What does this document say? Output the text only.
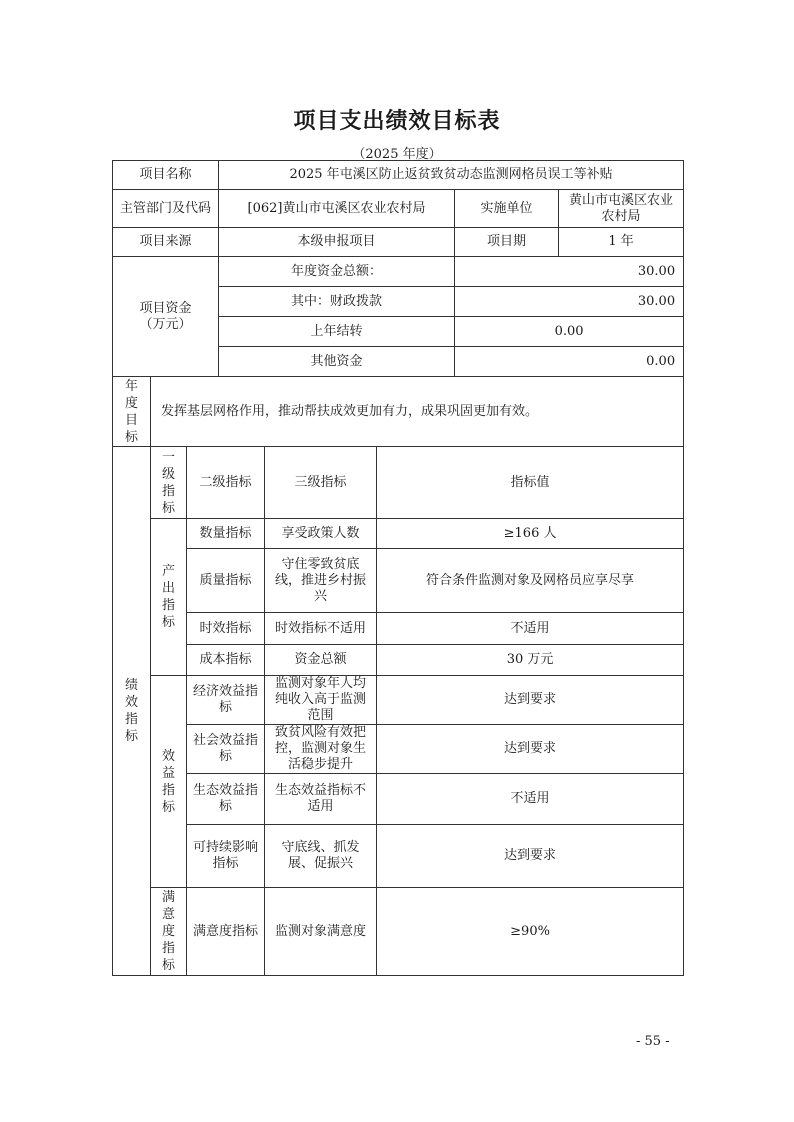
项目支出绩效目标表
（2025 年度）
项目名称			2025 年屯溪区防止返贫致贫动态监测网格员误工等补贴				
主管部门及代码			[062]黄山市屯溪区农业农村局			实施单位	黄山市屯溪区农业农村局
项目来源			本级申报项目			项目期	1 年
项目资金
（万元）			年度资金总额：			30.00	
			其中：财政拨款			30.00	
			上年结转			0.00	
			其他资金			0.00	

年度目标	发挥基层网格作用，推动帮扶成效更加有力，成果巩固更加有效。						

绩效指标	一级指标	二级指标		三级指标	指标值		

	产出指标	数量指标		享受政策人数	≥166 人		
		质量指标		守住零致贫底线，推进乡村振兴	符合条件监测对象及网格员应享尽享		
		时效指标		时效指标不适用	不适用		
		成本指标		资金总额	30 万元		

	效益指标	经济效益指标		监测对象年人均纯收入高于监测范围	达到要求		
		社会效益指标		致贫风险有效把控，监测对象生活稳步提升	达到要求		
		生态效益指标		生态效益指标不适用	不适用		
		可持续影响指标		守底线、抓发展、促振兴	达到要求		

	满意度指标	满意度指标		监测对象满意度	≥90%		
- 55 -
